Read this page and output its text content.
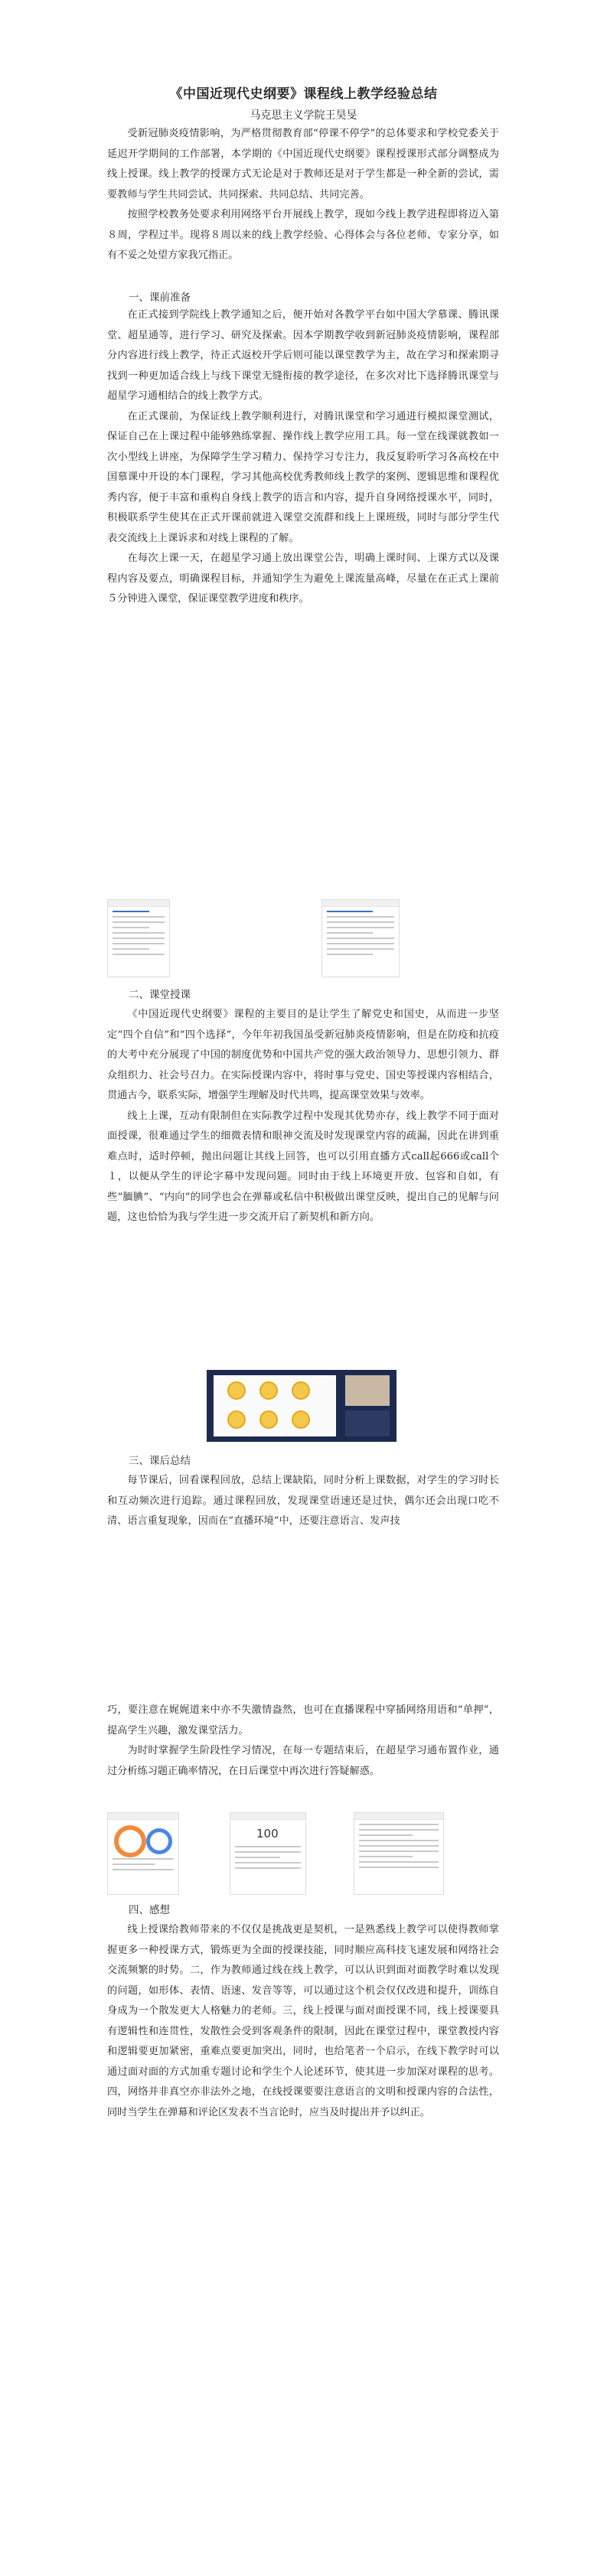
《中国近现代史纲要》课程线上教学经验总结
马克思主义学院王昊旻

受新冠肺炎疫情影响，为严格贯彻教育部“停课不停学”的总体要求和学校党委关于延迟开学期间的工作部署，本学期的《中国近现代史纲要》课程授课形式部分调整成为线上授课。线上教学的授课方式无论是对于教师还是对于学生都是一种全新的尝试，需要教师与学生共同尝试、共同探索、共同总结、共同完善。

按照学校教务处要求利用网络平台开展线上教学，现如今线上教学进程即将迈入第８周，学程过半。现将８周以来的线上教学经验、心得体会与各位老师、专家分享，如有不妥之处望方家我冗指正。

一、课前准备

在正式接到学院线上教学通知之后，便开始对各教学平台如中国大学慕课、腾讯课堂、超星通等，进行学习、研究及探索。因本学期教学收到新冠肺炎疫情影响，课程部分内容进行线上教学，待正式返校开学后则可能以课堂教学为主，故在学习和探索期寻找到一种更加适合线上与线下课堂无缝衔接的教学途径，在多次对比下选择腾讯课堂与超星学习通相结合的线上教学方式。

在正式课前，为保证线上教学顺利进行，对腾讯课堂和学习通进行模拟课堂测试，保证自己在上课过程中能够熟练掌握、操作线上教学应用工具。每一堂在线课就教如一次小型线上讲座，为保障学生学习精力、保持学习专注力，我反复聆听学习各高校在中国慕课中开设的本门课程，学习其他高校优秀教师线上教学的案例、逻辑思维和课程优秀内容，便于丰富和重构自身线上教学的语言和内容，提升自身网络授课水平，同时，积极联系学生使其在正式开课前就进入课堂交流群和线上上课班级，同时与部分学生代表交流线上上课诉求和对线上课程的了解。

在每次上课一天，在超星学习通上放出课堂公告，明确上课时间、上课方式以及课程内容及要点，明确课程目标，并通知学生为避免上课流量高峰，尽量在在正式上课前５分钟进入课堂，保证课堂教学进度和秩序。

二、课堂授课

《中国近现代史纲要》课程的主要目的是让学生了解党史和国史，从而进一步坚定“四个自信”和“四个选择”，今年年初我国虽受新冠肺炎疫情影响，但是在防疫和抗疫的大考中充分展现了中国的制度优势和中国共产党的强大政治领导力、思想引领力、群众组织力、社会号召力。在实际授课内容中，将时事与党史、国史等授课内容相结合，贯通古今，联系实际，增强学生理解及时代共鸣，提高课堂效果与效率。

线上上课，互动有限制但在实际教学过程中发现其优势亦存，线上教学不同于面对面授课，很难通过学生的细微表情和眼神交流及时发现课堂内容的疏漏，因此在讲到重难点时，适时停顿，抛出问题让其线上回答，也可以引用直播方式call起666或call个１，以便从学生的评论字幕中发现问题。同时由于线上环境更开放、包容和自如，有些“腼腆”、“内向”的同学也会在弹幕或私信中积极做出课堂反映，提出自己的见解与问题，这也恰恰为我与学生进一步交流开启了新契机和新方向。

三、课后总结

每节课后，回看课程回放，总结上课缺陷，同时分析上课数据，对学生的学习时长和互动频次进行追踪。通过课程回放，发现课堂语速还是过快，偶尔还会出现口吃不清、语言重复现象，因而在“直播环境”中，还要注意语言、发声技

巧，要注意在娓娓道来中亦不失激情盎然，也可在直播课程中穿插网络用语和“单押”，提高学生兴趣，激发课堂活力。

为时时掌握学生阶段性学习情况，在每一专题结束后，在超星学习通布置作业，通过分析练习题正确率情况，在日后课堂中再次进行答疑解惑。

100
四、感想

线上授课给教师带来的不仅仅是挑战更是契机，一是熟悉线上教学可以使得教师掌握更多一种授课方式，锻炼更为全面的授课技能，同时顺应高科技飞速发展和网络社会交流频繁的时势。二，作为教师通过线在线上教学，可以认识到面对面教学时难以发现的问题，如形体、表情、语速、发音等等，可以通过这个机会仅仅改进和提升，训练自身成为一个散发更大人格魅力的老师。三，线上授课与面对面授课不同，线上授课要具有逻辑性和连贯性，发散性会受到客观条件的限制，因此在课堂过程中，课堂教授内容和逻辑要更加紧密，重难点要更加突出，同时，也给笔者一个启示，在线下教学时可以通过面对面的方式加重专题讨论和学生个人论述环节，使其进一步加深对课程的思考。四，网络并非真空亦非法外之地，在线授课要要注意语言的文明和授课内容的合法性，同时当学生在弹幕和评论区发表不当言论时，应当及时提出并予以纠正。
